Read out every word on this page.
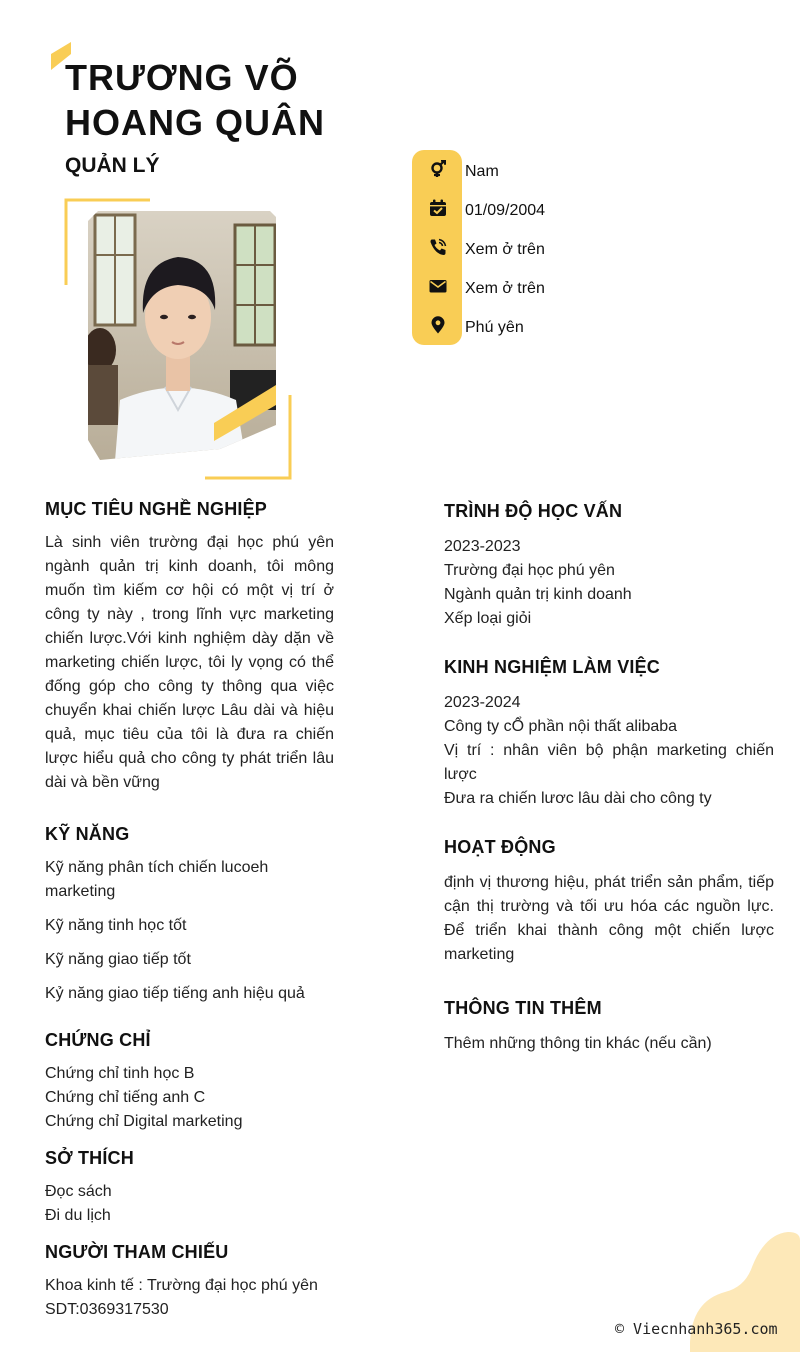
TRƯƠNG VÕ
HOANG QUÂN
QUẢN LÝ	Nam
01/09/2004
Xem ở trên
Xem ở trên
Phú yên
MỤC TIÊU NGHỀ NGHIỆP
Là sinh viên trường đại học phú yên ngành quản trị kinh doanh, tôi mông muốn tìm kiếm cơ hội có một vị trí ở công ty này , trong lĩnh vực marketing chiến lược.Với kinh nghiệm dày dặn về marketing chiến lược, tôi ly vọng có thể đống góp cho công ty thông qua việc chuyển khai chiến lược Lâu dài và hiệu quả, mục tiêu của tôi là đưa ra chiến lược hiểu quả cho công ty phát triển lâu dài và bền vững
KỸ NĂNG
Kỹ năng phân tích chiến lucoeh marketing
Kỹ năng tinh học tốt
Kỹ năng giao tiếp tốt
Kỷ năng giao tiếp tiếng anh hiệu quả
CHỨNG CHỈ
Chứng chỉ tinh học B
Chứng chỉ tiếng anh C
Chứng chỉ Digital marketing
SỞ THÍCH
Đọc sách
Đi du lịch
NGƯỜI THAM CHIẾU
Khoa kinh tế : Trường đại học phú yên
SDT:0369317530
TRÌNH ĐỘ HỌC VẤN
2023-2023
Trường đại học phú yên
Ngành quản trị kinh doanh
Xếp loại giỏi
KINH NGHIỆM LÀM VIỆC
2023-2024
Công ty cỔ phần nội thất alibaba
Vị trí : nhân viên bộ phận marketing chiến lược
Đưa ra chiến lươc lâu dài cho công ty
HOẠT ĐỘNG
định vị thương hiệu, phát triển sản phẩm, tiếp cận thị trường và tối ưu hóa các nguồn lực. Để triển khai thành công một chiến lược marketing
THÔNG TIN THÊM
Thêm những thông tin khác (nếu cần)
© Viecnhanh365.com
